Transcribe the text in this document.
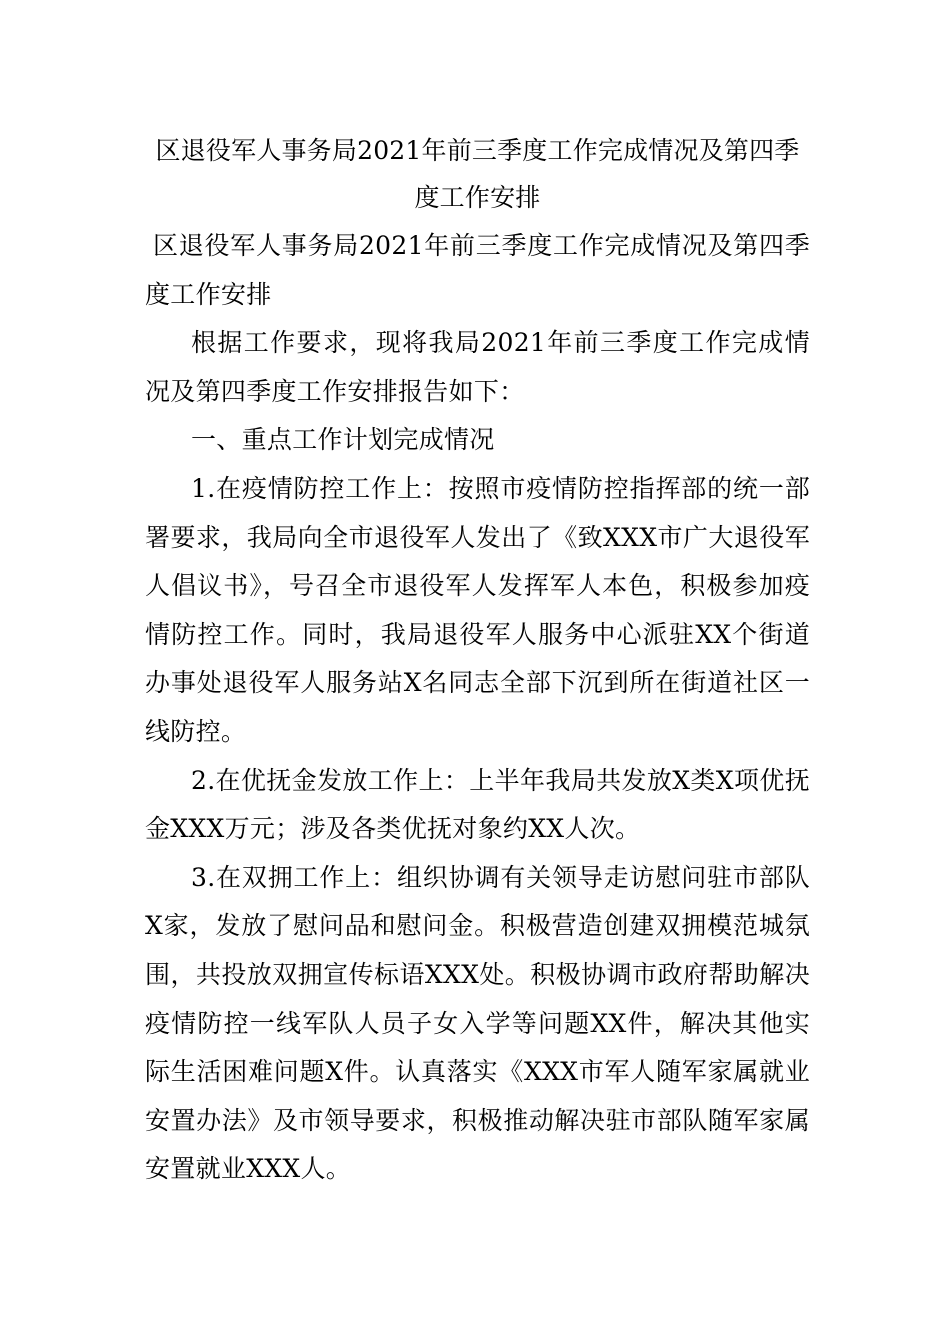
区退役军人事务局2021年前三季度工作完成情况及第四季度工作安排

区退役军人事务局2021年前三季度工作完成情况及第四季度工作安排

根据工作要求，现将我局2021年前三季度工作完成情况及第四季度工作安排报告如下：

一、重点工作计划完成情况

1.在疫情防控工作上：按照市疫情防控指挥部的统一部署要求，我局向全市退役军人发出了《致XXX市广大退役军人倡议书》，号召全市退役军人发挥军人本色，积极参加疫情防控工作。同时，我局退役军人服务中心派驻XX个街道办事处退役军人服务站X名同志全部下沉到所在街道社区一线防控。

2.在优抚金发放工作上：上半年我局共发放X类X项优抚金XXX万元；涉及各类优抚对象约XX人次。

3.在双拥工作上：组织协调有关领导走访慰问驻市部队X家，发放了慰问品和慰问金。积极营造创建双拥模范城氛围，共投放双拥宣传标语XXX处。积极协调市政府帮助解决疫情防控一线军队人员子女入学等问题XX件，解决其他实际生活困难问题X件。认真落实《XXX市军人随军家属就业安置办法》及市领导要求，积极推动解决驻市部队随军家属安置就业XXX人。
